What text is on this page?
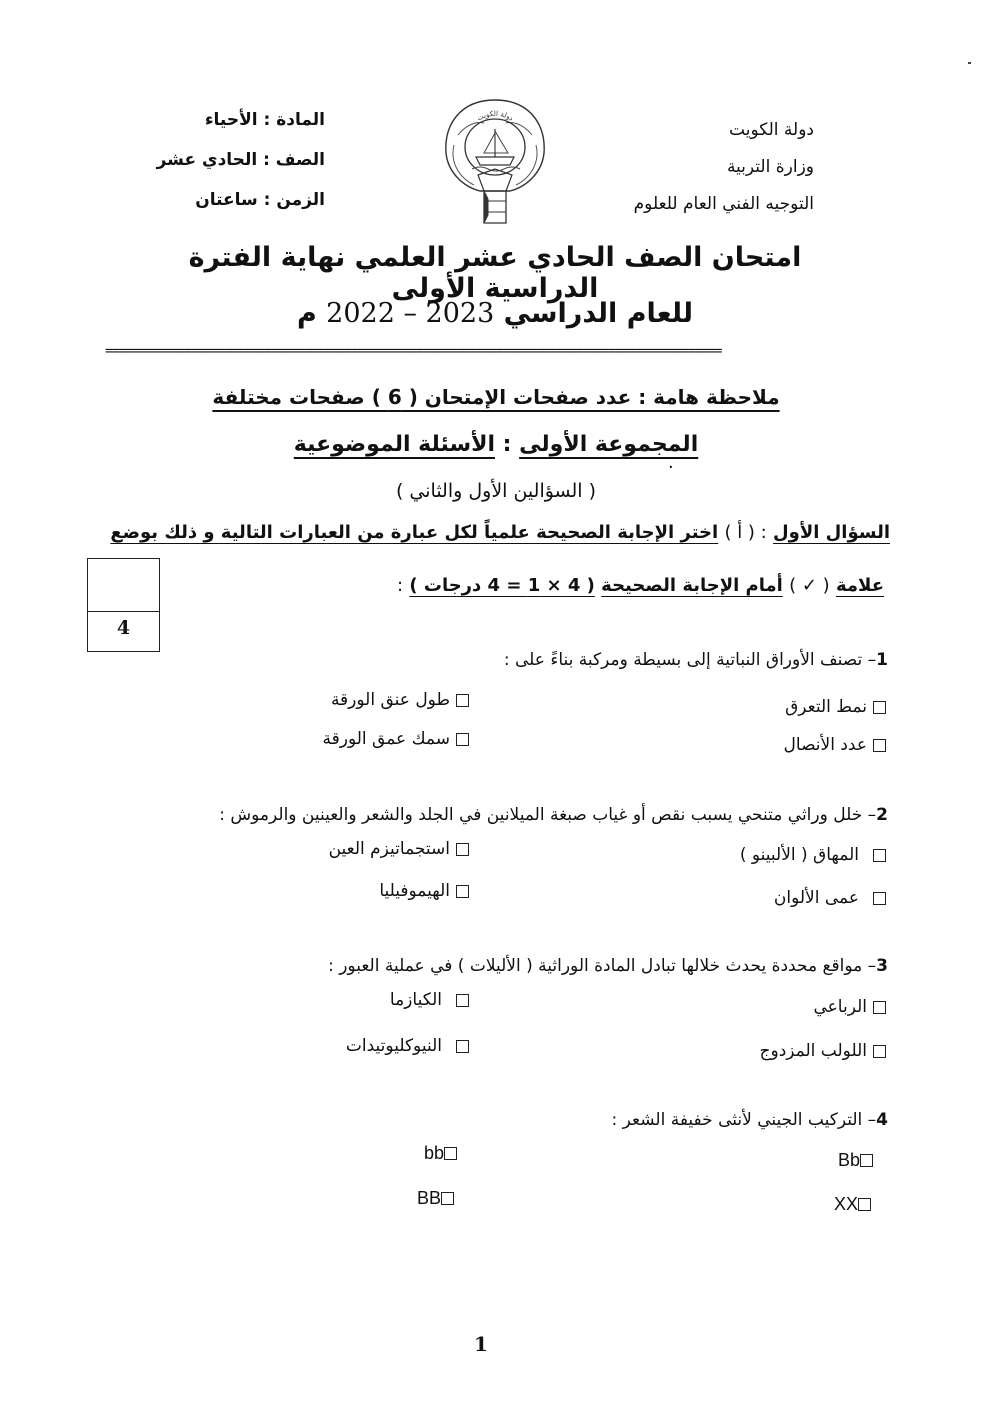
دولة الكويت
وزارة التربية
التوجيه الفني العام للعلوم
المادة : الأحياء
الصف : الحادي عشر
الزمن : ساعتان
دولة الكويت
امتحان الصف الحادي عشر العلمي نهاية الفترة الدراسية الأولى
للعام الدراسي 2022 – 2023 م
=============================================================================================
ملاحظة هامة : عدد صفحات الإمتحان ( 6 ) صفحات مختلفة
المجموعة الأولى : الأسئلة الموضوعية
.
( السؤالين الأول والثاني )
السؤال الأول : ( أ ) اختر الإجابة الصحيحة علمياً لكل عبارة من العبارات التالية و ذلك بوضع
علامة ( ✓ ) أمام الإجابة الصحيحة ( 4 × 1 = 4 درجات ) :
4
1– تصنف الأوراق النباتية إلى بسيطة ومركبة بناءً على :
نمط التعرق
طول عنق الورقة
عدد الأنصال
سمك عمق الورقة
2– خلل وراثي متنحي يسبب نقص أو غياب صبغة الميلانين في الجلد والشعر والعينين والرموش :
المهاق ( الألبينو )
استجماتيزم العين
عمى الألوان
الهيموفيليا
3– مواقع محددة يحدث خلالها تبادل المادة الوراثية ( الأليلات ) في عملية العبور :
الرباعي
الكيازما
اللولب المزدوج
النيوكليوتيدات
4– التركيب الجيني لأنثى خفيفة الشعر :
Bb
bb
XX
BB
1
